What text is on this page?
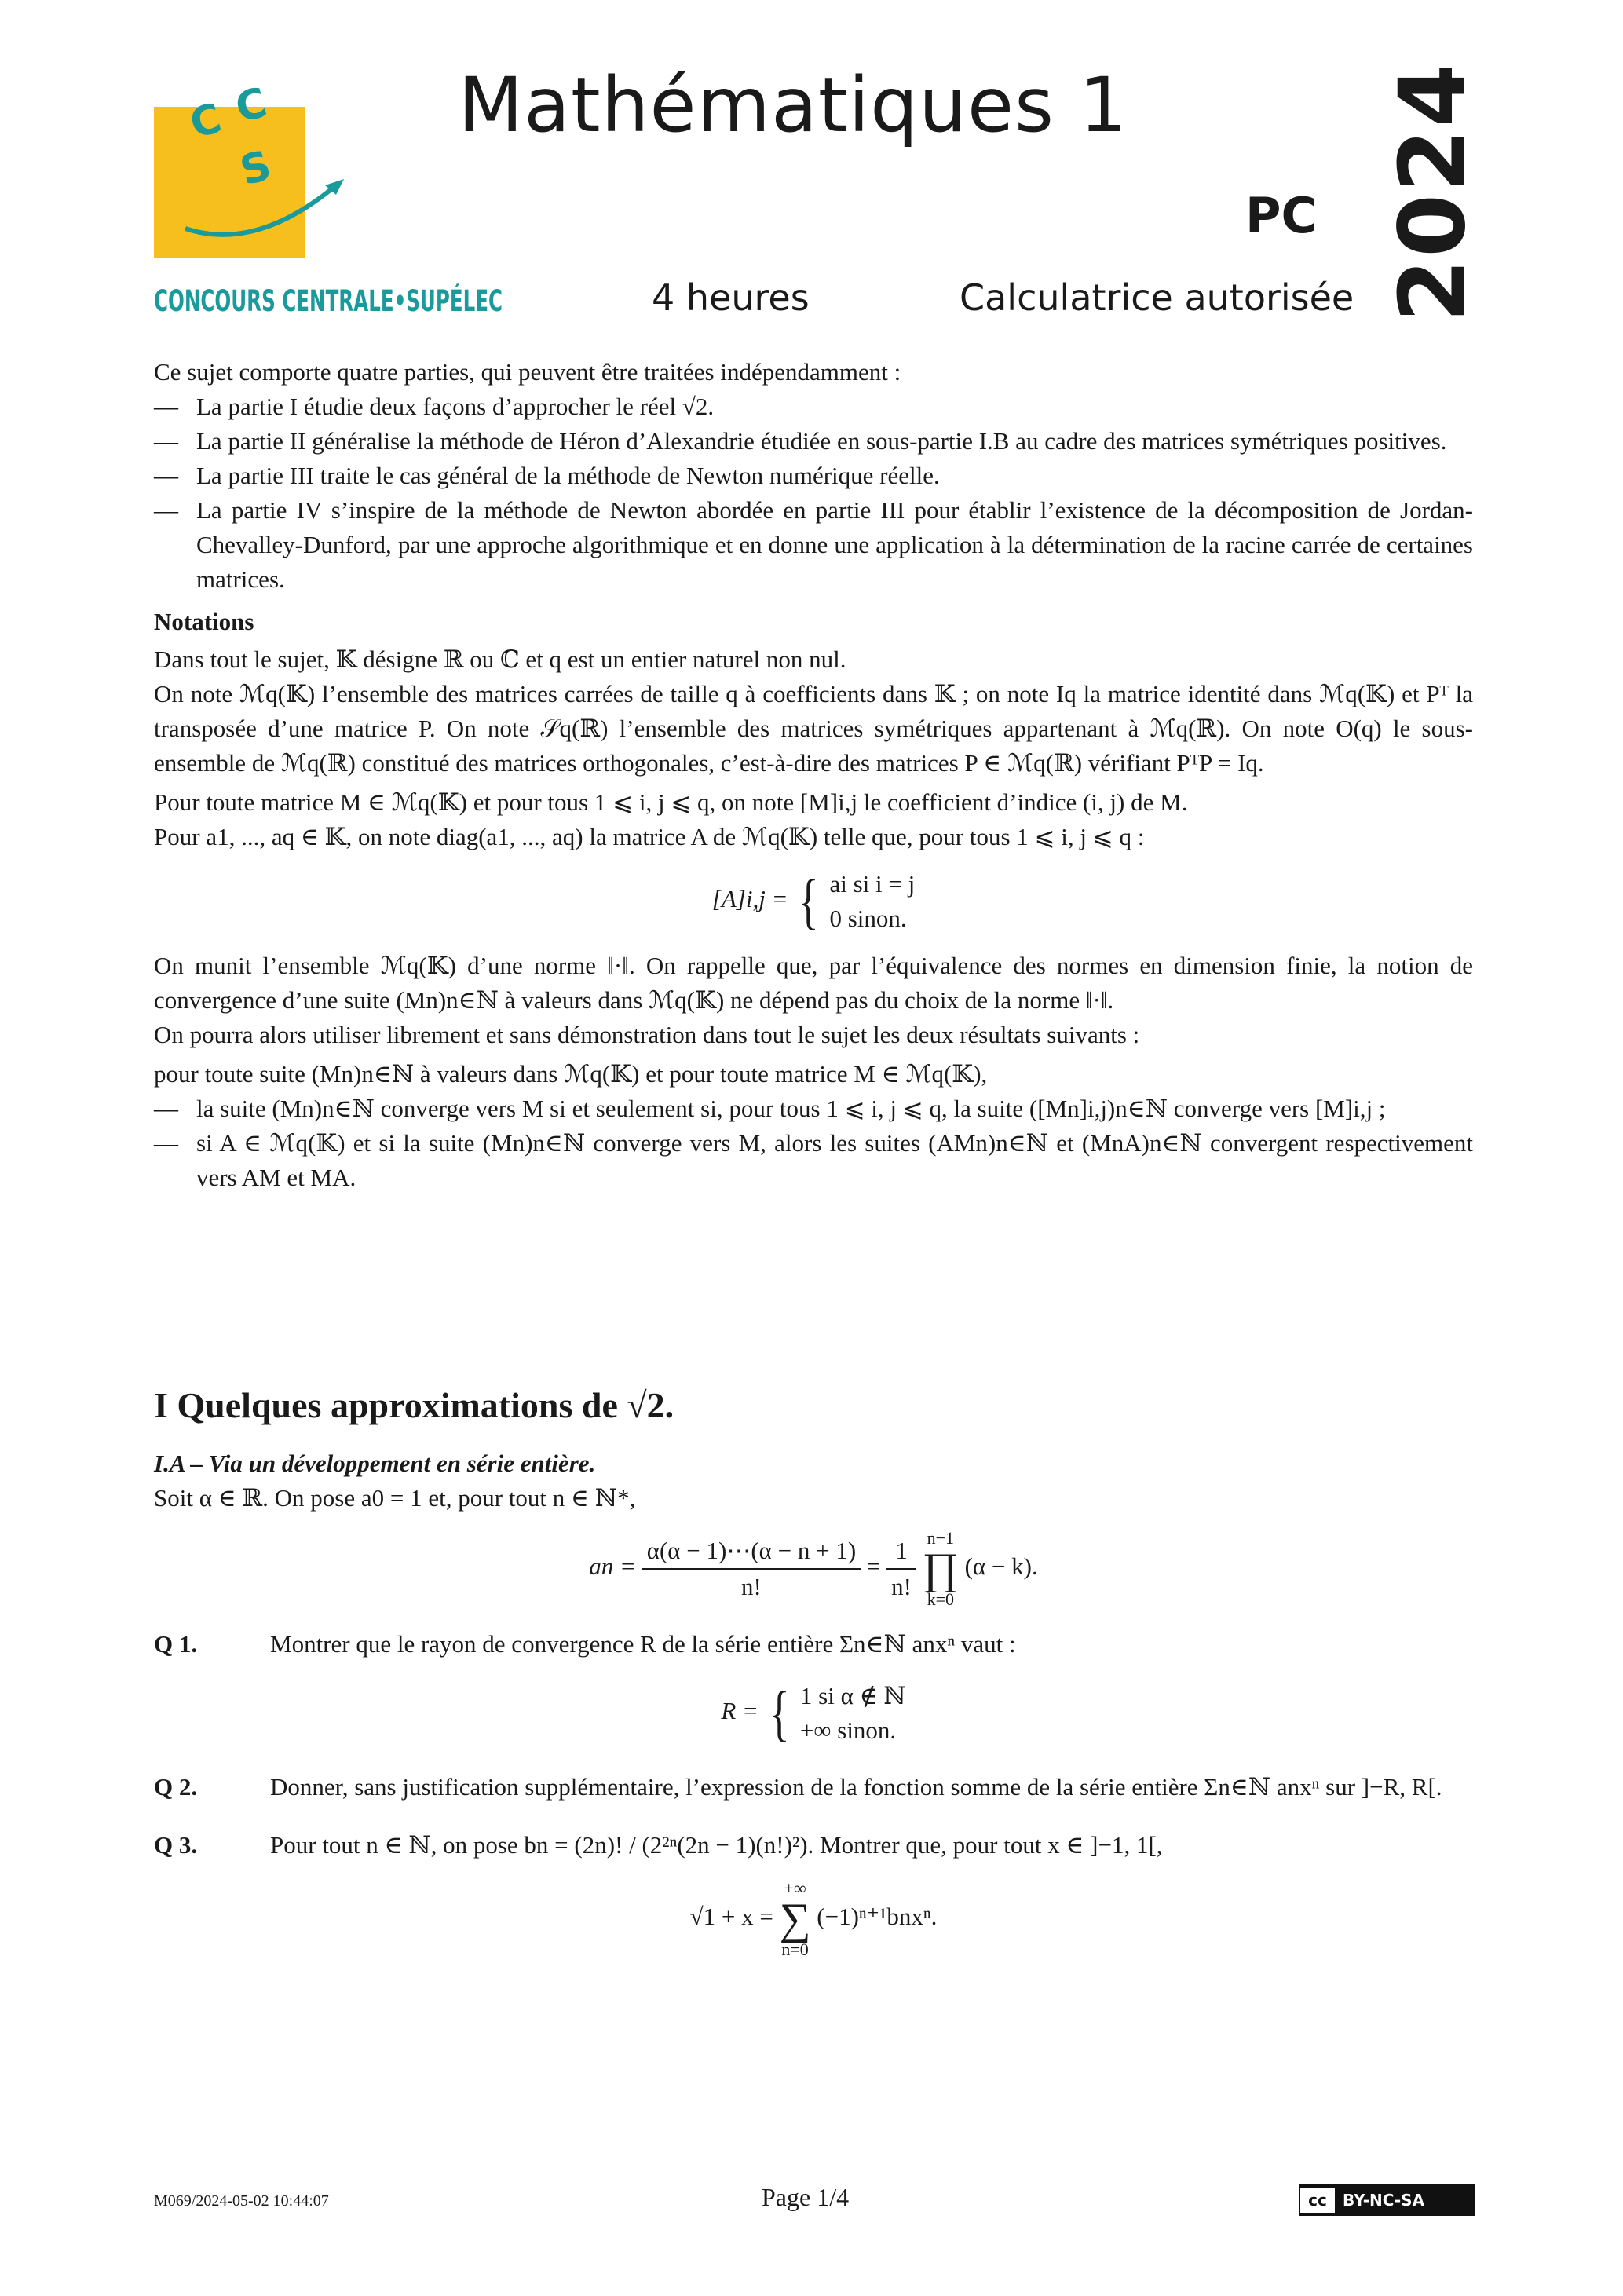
C C
S
CONCOURS CENTRALE•SUPÉLEC
Mathématiques 1
PC 2024
4 heures	Calculatrice autorisée

Ce sujet comporte quatre parties, qui peuvent être traitées indépendamment :

— La partie I étudie deux façons d’approcher le réel √2.

— La partie II généralise la méthode de Héron d’Alexandrie étudiée en sous-partie I.B au cadre des matrices symétriques positives.

— La partie III traite le cas général de la méthode de Newton numérique réelle.

— La partie IV s’inspire de la méthode de Newton abordée en partie III pour établir l’existence de la décomposition de Jordan-Chevalley-Dunford, par une approche algorithmique et en donne une application à la détermination de la racine carrée de certaines matrices.

Notations

Dans tout le sujet, 𝕂 désigne ℝ ou ℂ et q est un entier naturel non nul.

On note ℳq(𝕂) l’ensemble des matrices carrées de taille q à coefficients dans 𝕂 ; on note Iq la matrice identité dans ℳq(𝕂) et Pᵀ la transposée d’une matrice P. On note 𝒮q(ℝ) l’ensemble des matrices symétriques appartenant à ℳq(ℝ). On note O(q) le sous-ensemble de ℳq(ℝ) constitué des matrices orthogonales, c’est-à-dire des matrices P ∈ ℳq(ℝ) vérifiant PᵀP = Iq.

Pour toute matrice M ∈ ℳq(𝕂) et pour tous 1 ⩽ i, j ⩽ q, on note [M]i,j le coefficient d’indice (i, j) de M.

Pour a1, ..., aq ∈ 𝕂, on note diag(a1, ..., aq) la matrice A de ℳq(𝕂) telle que, pour tous 1 ⩽ i, j ⩽ q :

[A]i,j = { ai si i = j
0 sinon.

On munit l’ensemble ℳq(𝕂) d’une norme ‖·‖. On rappelle que, par l’équivalence des normes en dimension finie, la notion de convergence d’une suite (Mn)n∈ℕ à valeurs dans ℳq(𝕂) ne dépend pas du choix de la norme ‖·‖.

On pourra alors utiliser librement et sans démonstration dans tout le sujet les deux résultats suivants :

pour toute suite (Mn)n∈ℕ à valeurs dans ℳq(𝕂) et pour toute matrice M ∈ ℳq(𝕂),

— la suite (Mn)n∈ℕ converge vers M si et seulement si, pour tous 1 ⩽ i, j ⩽ q, la suite ([Mn]i,j)n∈ℕ converge vers [M]i,j ;

— si A ∈ ℳq(𝕂) et si la suite (Mn)n∈ℕ converge vers M, alors les suites (AMn)n∈ℕ et (MnA)n∈ℕ convergent respectivement vers AM et MA.

I Quelques approximations de √2.

I.A – Via un développement en série entière.

Soit α ∈ ℝ. On pose a0 = 1 et, pour tout n ∈ ℕ*,

an = $\frac{\alpha(\alpha - 1)\cdots(\alpha - n + 1)}{n!} = \frac{1}{n!}$
n−1
∏
k=0
(α − k).
Q 1.	Montrer que le rayon de convergence R de la série entière Σn∈ℕ anxⁿ vaut :
R = { 1 si α ∉ ℕ
+∞ sinon.
Q 2.	Donner, sans justification supplémentaire, l’expression de la fonction somme de la série entière Σn∈ℕ anxⁿ sur ]−R, R[.
Q 3.	Pour tout n ∈ ℕ, on pose bn = (2n)! / (2²ⁿ(2n − 1)(n!)²). Montrer que, pour tout x ∈ ]−1, 1[,
√1 + x =
+∞
∑
n=0
(−1)ⁿ⁺¹bnxⁿ.
M069/2024-05-02 10:44:07	Page 1/4	cc	BY-NC-SA
